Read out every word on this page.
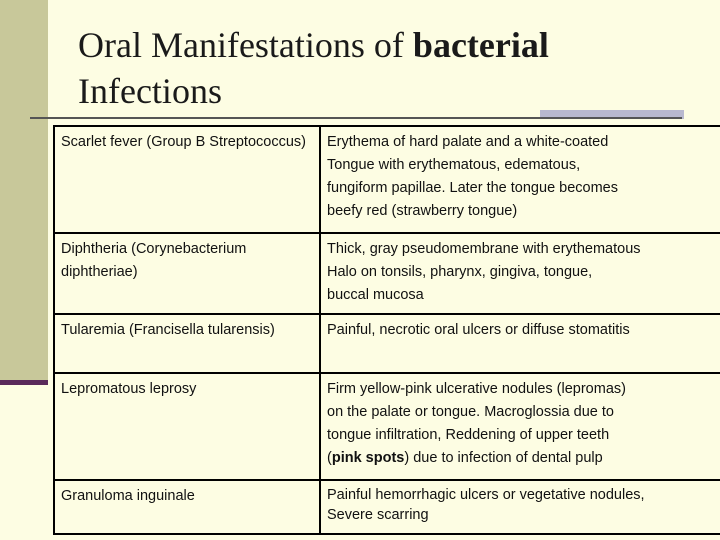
Oral Manifestations of bacterial
Infections
Scarlet fever (Group B Streptococcus)	Erythema of hard palate and a white-coated
Tongue with erythematous, edematous,
fungiform papillae. Later the tongue becomes
beefy red (strawberry tongue)

Diphtheria (Corynebacterium diphtheriae)	Thick, gray pseudomembrane with erythematous
Halo on tonsils, pharynx, gingiva, tongue,
buccal mucosa

Tularemia (Francisella tularensis)	Painful, necrotic oral ulcers or diffuse stomatitis

Lepromatous leprosy	Firm yellow-pink ulcerative nodules (lepromas)
on the palate or tongue. Macroglossia due to
tongue infiltration, Reddening of upper teeth
(pink spots) due to infection of dental pulp

Granuloma inguinale	Painful hemorrhagic ulcers or vegetative nodules,
Severe scarring
